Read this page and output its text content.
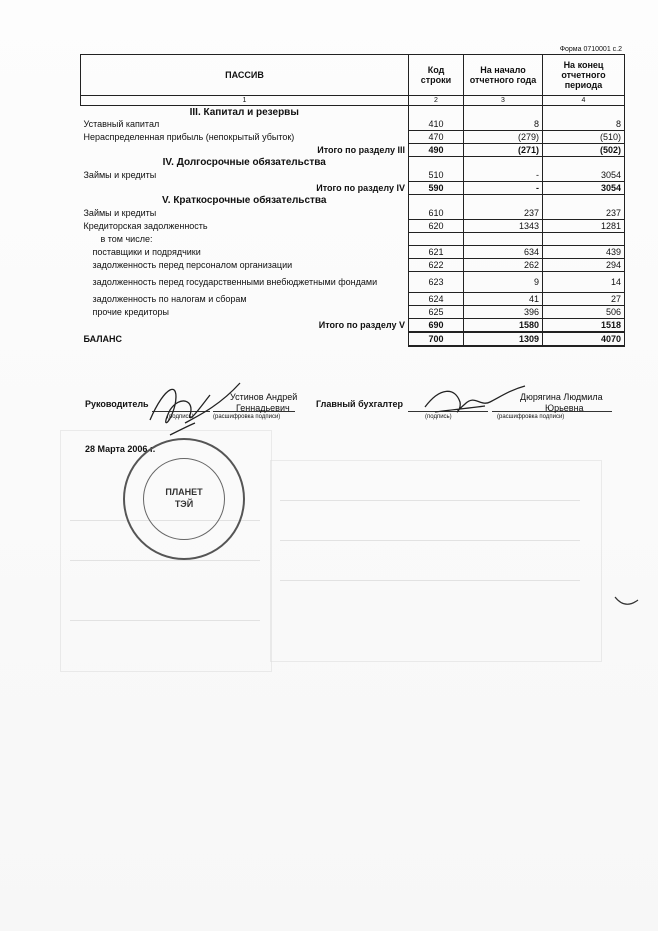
Форма 0710001 с.2
ПАССИВ	Код строки	На начало отчетного года	На конец отчетного периода
1	2	3	4
III. Капитал и резервы			
Уставный капитал	410	8	8
Нераспределенная прибыль (непокрытый убыток)	470	(279)	(510)
Итого по разделу III	490	(271)	(502)
IV. Долгосрочные обязательства			
Займы и кредиты	510	-	3054
Итого по разделу IV	590	-	3054
V. Краткосрочные обязательства			
Займы и кредиты	610	237	237
Кредиторская задолженность	620	1343	1281
в том числе:			
поставщики и подрядчики	621	634	439
задолженность перед персоналом организации	622	262	294
задолженность перед государственными внебюджетными фондами	623	9	14
задолженность по налогам и сборам	624	41	27
прочие кредиторы	625	396	506
Итого по разделу V	690	1580	1518
БАЛАНС	700	1309	4070
Руководитель
Устинов Андрей
Геннадьевич
(подпись)	(расшифровка подписи)
Главный бухгалтер
Дюрягина Людмила
Юрьевна
(подпись)	(расшифровка подписи)
28 Марта 2006 г.
ПЛАНЕТ
ТЭЙ
